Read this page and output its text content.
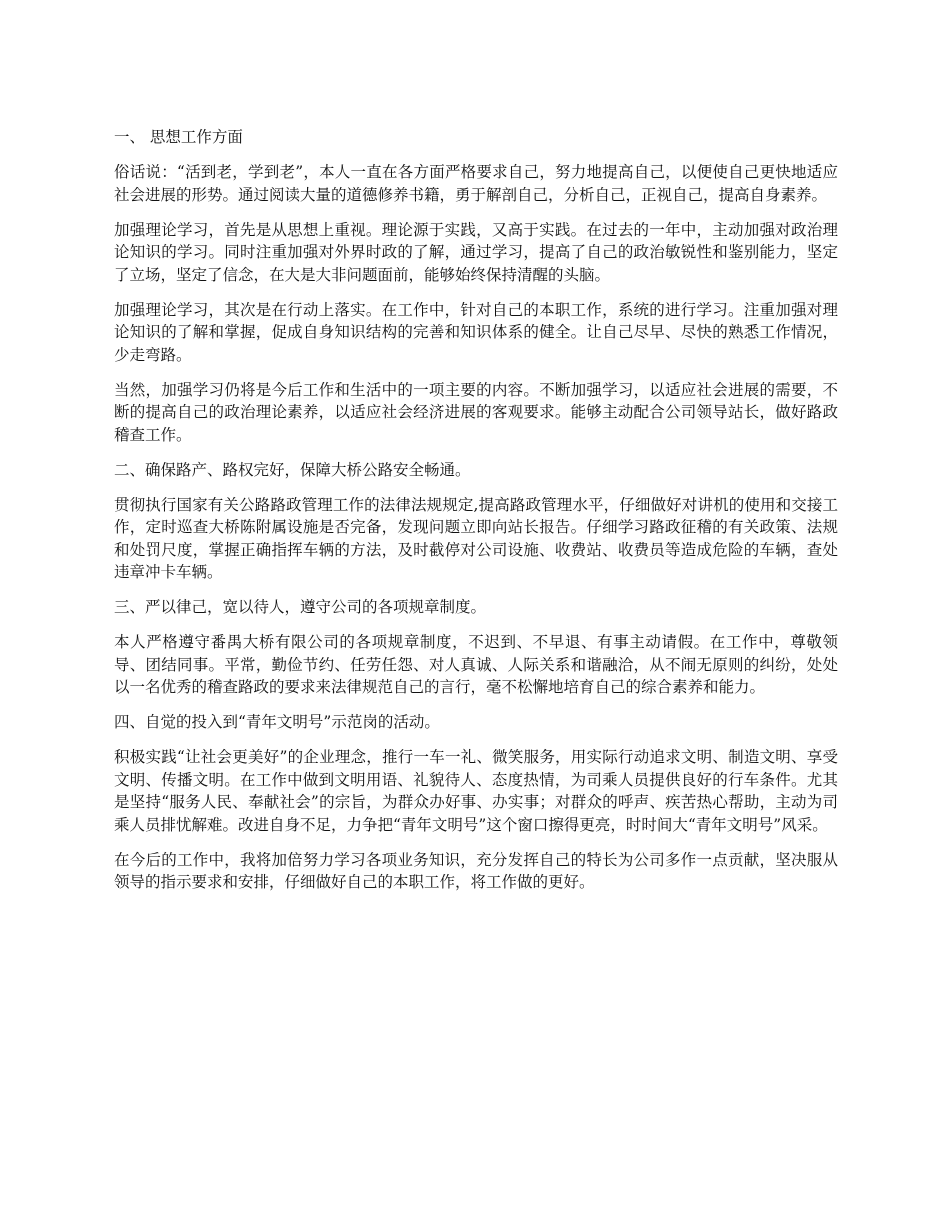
一、 思想工作方面

俗话说：“活到老，学到老”，本人一直在各方面严格要求自己，努力地提高自己，以便使自己更快地适应社会进展的形势。通过阅读大量的道德修养书籍，勇于解剖自己，分析自己，正视自己，提高自身素养。

加强理论学习，首先是从思想上重视。理论源于实践，又高于实践。在过去的一年中，主动加强对政治理论知识的学习。同时注重加强对外界时政的了解，通过学习，提高了自己的政治敏锐性和鉴别能力，坚定了立场，坚定了信念，在大是大非问题面前，能够始终保持清醒的头脑。

加强理论学习，其次是在行动上落实。在工作中，针对自己的本职工作，系统的进行学习。注重加强对理论知识的了解和掌握，促成自身知识结构的完善和知识体系的健全。让自己尽早、尽快的熟悉工作情况，少走弯路。

当然，加强学习仍将是今后工作和生活中的一项主要的内容。不断加强学习，以适应社会进展的需要，不断的提高自己的政治理论素养，以适应社会经济进展的客观要求。能够主动配合公司领导站长，做好路政稽查工作。

二、确保路产、路权完好，保障大桥公路安全畅通。

贯彻执行国家有关公路路政管理工作的法律法规规定,提高路政管理水平，仔细做好对讲机的使用和交接工作，定时巡查大桥陈附属设施是否完备，发现问题立即向站长报告。仔细学习路政征稽的有关政策、法规和处罚尺度，掌握正确指挥车辆的方法，及时截停对公司设施、收费站、收费员等造成危险的车辆，查处违章冲卡车辆。

三、严以律己，宽以待人，遵守公司的各项规章制度。

本人严格遵守番禺大桥有限公司的各项规章制度，不迟到、不早退、有事主动请假。在工作中，尊敬领导、团结同事。平常，勤俭节约、任劳任怨、对人真诚、人际关系和谐融洽，从不闹无原则的纠纷，处处以一名优秀的稽查路政的要求来法律规范自己的言行，毫不松懈地培育自己的综合素养和能力。

四、自觉的投入到“青年文明号”示范岗的活动。

积极实践“让社会更美好”的企业理念，推行一车一礼、微笑服务，用实际行动追求文明、制造文明、享受文明、传播文明。在工作中做到文明用语、礼貌待人、态度热情，为司乘人员提供良好的行车条件。尤其是坚持“服务人民、奉献社会”的宗旨，为群众办好事、办实事；对群众的呼声、疾苦热心帮助，主动为司乘人员排忧解难。改进自身不足，力争把“青年文明号”这个窗口擦得更亮，时时间大“青年文明号”风采。

在今后的工作中，我将加倍努力学习各项业务知识，充分发挥自己的特长为公司多作一点贡献，坚决服从领导的指示要求和安排，仔细做好自己的本职工作，将工作做的更好。
